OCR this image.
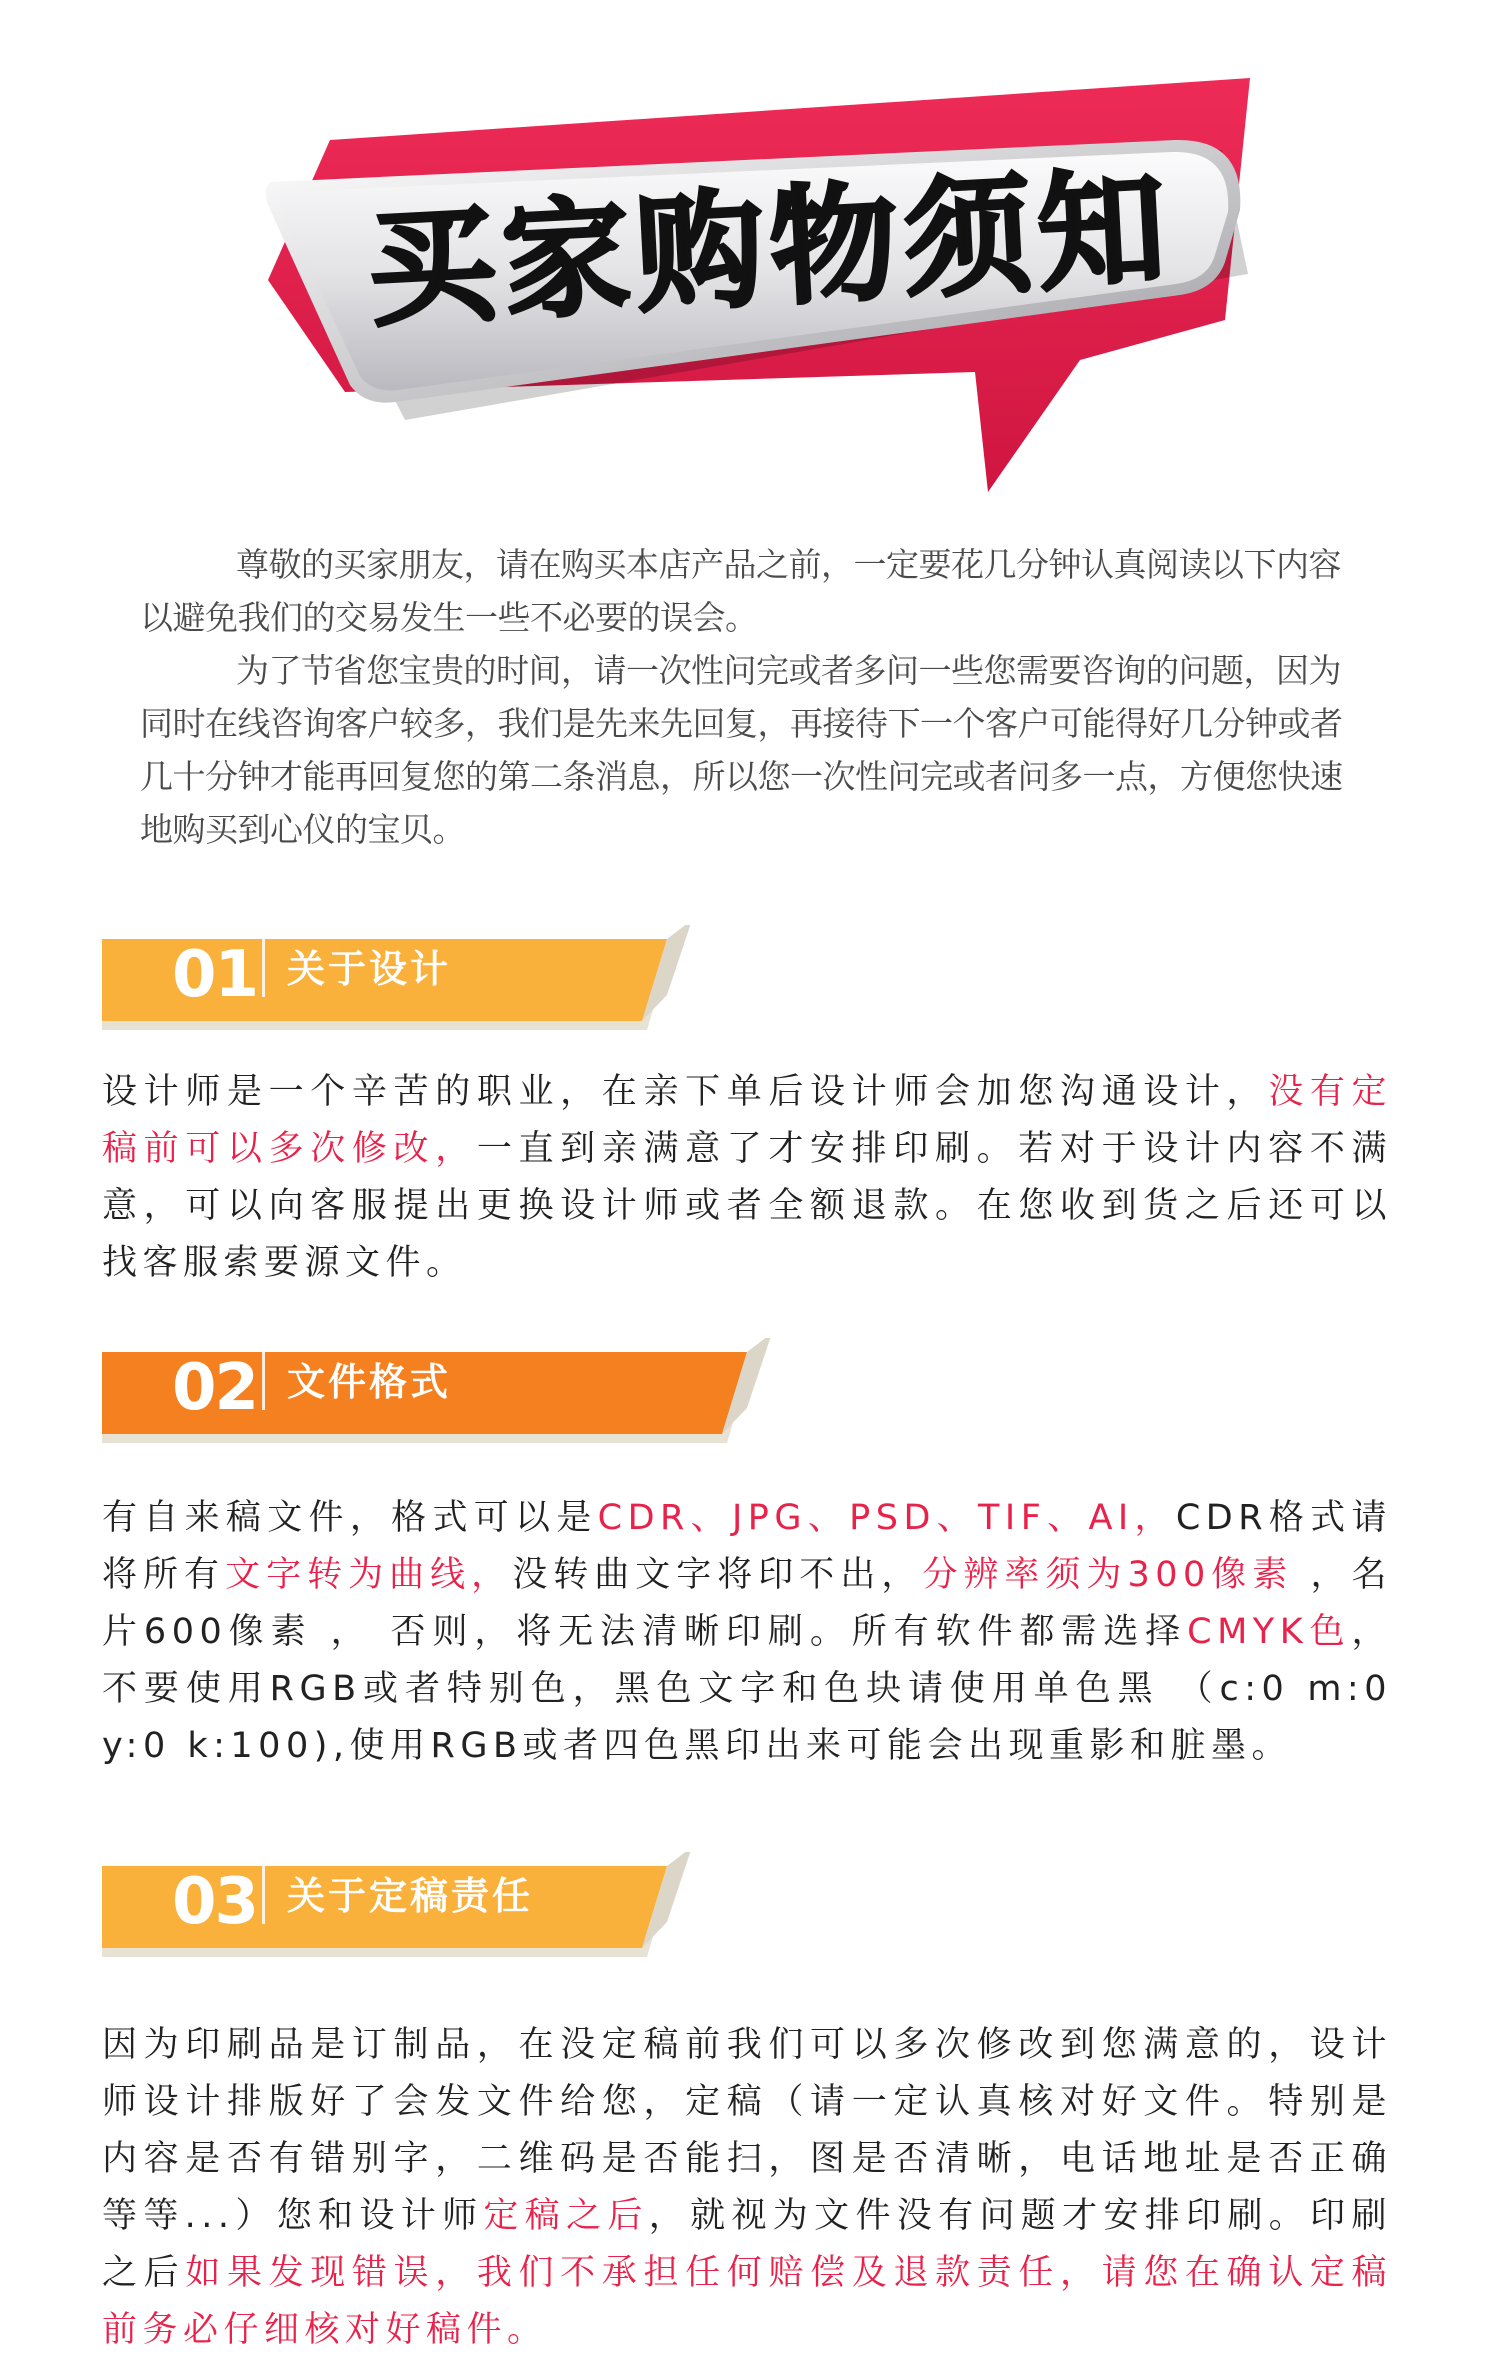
买家购物须知

尊敬的买家朋友，请在购买本店产品之前，一定要花几分钟认真阅读以下内容以避免我们的交易发生一些不必要的误会。

为了节省您宝贵的时间，请一次性问完或者多问一些您需要咨询的问题，因为同时在线咨询客户较多，我们是先来先回复，再接待下一个客户可能得好几分钟或者几十分钟才能再回复您的第二条消息，所以您一次性问完或者问多一点，方便您快速地购买到心仪的宝贝。

01 关于设计
设计师是一个辛苦的职业，在亲下单后设计师会加您沟通设计，没有定稿前可以多次修改，一直到亲满意了才安排印刷。若对于设计内容不满意，可以向客服提出更换设计师或者全额退款。在您收到货之后还可以找客服索要源文件。
02 文件格式
有自来稿文件，格式可以是CDR、JPG、PSD、TIF、AI，CDR格式请将所有文字转为曲线，没转曲文字将印不出，分辨率须为300像素 ，名片600像素 ， 否则，将无法清晰印刷。所有软件都需选择CMYK色，不要使用RGB或者特别色，黑色文字和色块请使用单色黑 （c:0 m:0 y:0 k:100),使用RGB或者四色黑印出来可能会出现重影和脏墨。
03 关于定稿责任
因为印刷品是订制品，在没定稿前我们可以多次修改到您满意的，设计师设计排版好了会发文件给您，定稿（请一定认真核对好文件。特别是内容是否有错别字，二维码是否能扫，图是否清晰，电话地址是否正确等等...）您和设计师定稿之后，就视为文件没有问题才安排印刷。印刷之后如果发现错误，我们不承担任何赔偿及退款责任，请您在确认定稿前务必仔细核对好稿件。
